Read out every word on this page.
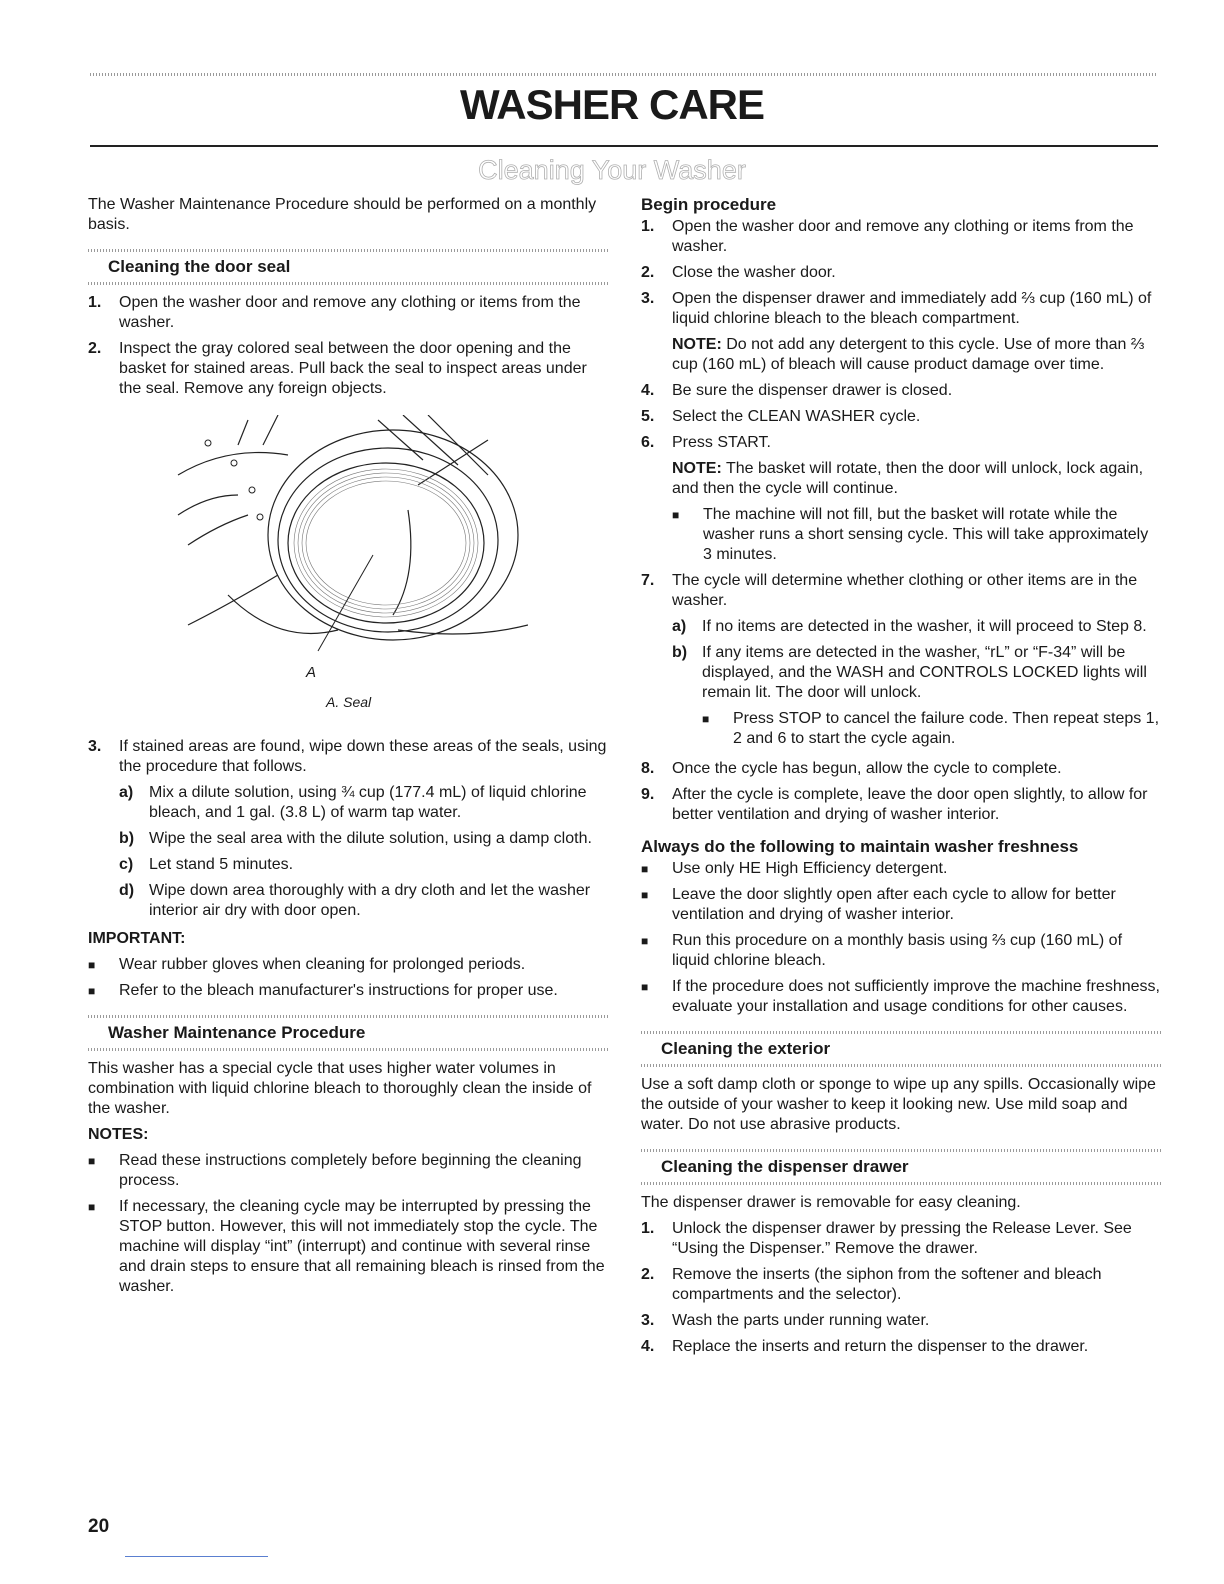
WASHER CARE
Cleaning Your Washer

The Washer Maintenance Procedure should be performed on a monthly basis.

Cleaning the door seal
1.	Open the washer door and remove any clothing or items from the washer.
2.	Inspect the gray colored seal between the door opening and the basket for stained areas. Pull back the seal to inspect areas under the seal. Remove any foreign objects.
A
A. Seal
3.	If stained areas are found, wipe down these areas of the seals, using the procedure that follows.
a) Mix a dilute solution, using ¾ cup (177.4 mL) of liquid chlorine bleach, and 1 gal. (3.8 L) of warm tap water.
b) Wipe the seal area with the dilute solution, using a damp cloth.
c) Let stand 5 minutes.
d) Wipe down area thoroughly with a dry cloth and let the washer interior air dry with door open.

IMPORTANT:

■	Wear rubber gloves when cleaning for prolonged periods.
■	Refer to the bleach manufacturer's instructions for proper use.
Washer Maintenance Procedure

This washer has a special cycle that uses higher water volumes in combination with liquid chlorine bleach to thoroughly clean the inside of the washer.

NOTES:

■	Read these instructions completely before beginning the cleaning process.
■	If necessary, the cleaning cycle may be interrupted by pressing the STOP button. However, this will not immediately stop the cycle. The machine will display “int” (interrupt) and continue with several rinse and drain steps to ensure that all remaining bleach is rinsed from the washer.
Begin procedure
1.	Open the washer door and remove any clothing or items from the washer.
2.	Close the washer door.
3.	Open the dispenser drawer and immediately add ⅔ cup (160 mL) of liquid chlorine bleach to the bleach compartment.

NOTE: Do not add any detergent to this cycle. Use of more than ⅔ cup (160 mL) of bleach will cause product damage over time.

4.	Be sure the dispenser drawer is closed.
5.	Select the CLEAN WASHER cycle.
6.	Press START.

NOTE: The basket will rotate, then the door will unlock, lock again, and then the cycle will continue.

■	The machine will not fill, but the basket will rotate while the washer runs a short sensing cycle. This will take approximately 3 minutes.
7.	The cycle will determine whether clothing or other items are in the washer.
a) If no items are detected in the washer, it will proceed to Step 8.
b) If any items are detected in the washer, “rL” or “F-34” will be displayed, and the WASH and CONTROLS LOCKED lights will remain lit. The door will unlock.
■	Press STOP to cancel the failure code. Then repeat steps 1, 2 and 6 to start the cycle again.
8.	Once the cycle has begun, allow the cycle to complete.
9.	After the cycle is complete, leave the door open slightly, to allow for better ventilation and drying of washer interior.
Always do the following to maintain washer freshness
■	Use only HE High Efficiency detergent.
■	Leave the door slightly open after each cycle to allow for better ventilation and drying of washer interior.
■	Run this procedure on a monthly basis using ⅔ cup (160 mL) of liquid chlorine bleach.
■	If the procedure does not sufficiently improve the machine freshness, evaluate your installation and usage conditions for other causes.
Cleaning the exterior

Use a soft damp cloth or sponge to wipe up any spills. Occasionally wipe the outside of your washer to keep it looking new. Use mild soap and water. Do not use abrasive products.

Cleaning the dispenser drawer

The dispenser drawer is removable for easy cleaning.

1.	Unlock the dispenser drawer by pressing the Release Lever. See “Using the Dispenser.” Remove the drawer.
2.	Remove the inserts (the siphon from the softener and bleach compartments and the selector).
3.	Wash the parts under running water.
4.	Replace the inserts and return the dispenser to the drawer.
20
